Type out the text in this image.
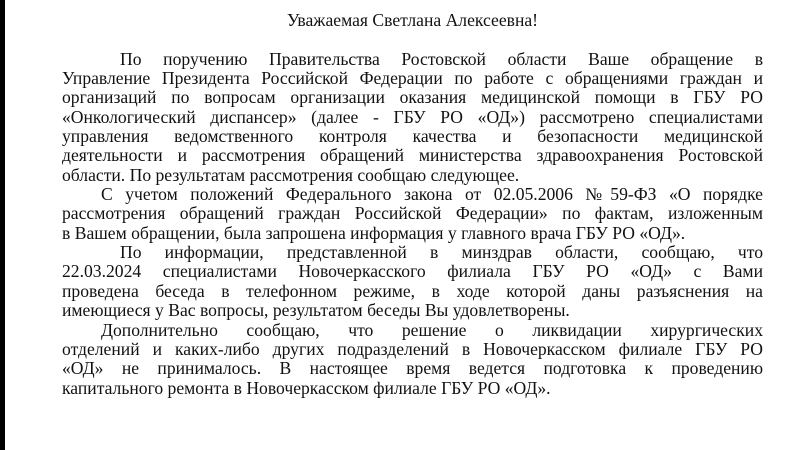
Уважаемая Светлана Алексеевна!
По поручению Правительства Ростовской области Ваше обращение в
Управление Президента Российской Федерации по работе с обращениями граждан и
организаций по вопросам организации оказания медицинской помощи в ГБУ РО
«Онкологический диспансер» (далее - ГБУ РО «ОД») рассмотрено специалистами
управления ведомственного контроля качества и безопасности медицинской
деятельности и рассмотрения обращений министерства здравоохранения Ростовской
области. По результатам рассмотрения сообщаю следующее.
С учетом положений Федерального закона от 02.05.2006 №59-ФЗ «О порядке
рассмотрения обращений граждан Российской Федерации» по фактам, изложенным
в Вашем обращении, была запрошена информация у главного врача ГБУ РО «ОД».
По информации, представленной в минздрав области, сообщаю, что
22.03.2024 специалистами Новочеркасского филиала ГБУ РО «ОД» с Вами
проведена беседа в телефонном режиме, в ходе которой даны разъяснения на
имеющиеся у Вас вопросы, результатом беседы Вы удовлетворены.
Дополнительно сообщаю, что решение о ликвидации хирургических
отделений и каких-либо других подразделений в Новочеркасском филиале ГБУ РО
«ОД» не принималось. В настоящее время ведется подготовка к проведению
капитального ремонта в Новочеркасском филиале ГБУ РО «ОД».
